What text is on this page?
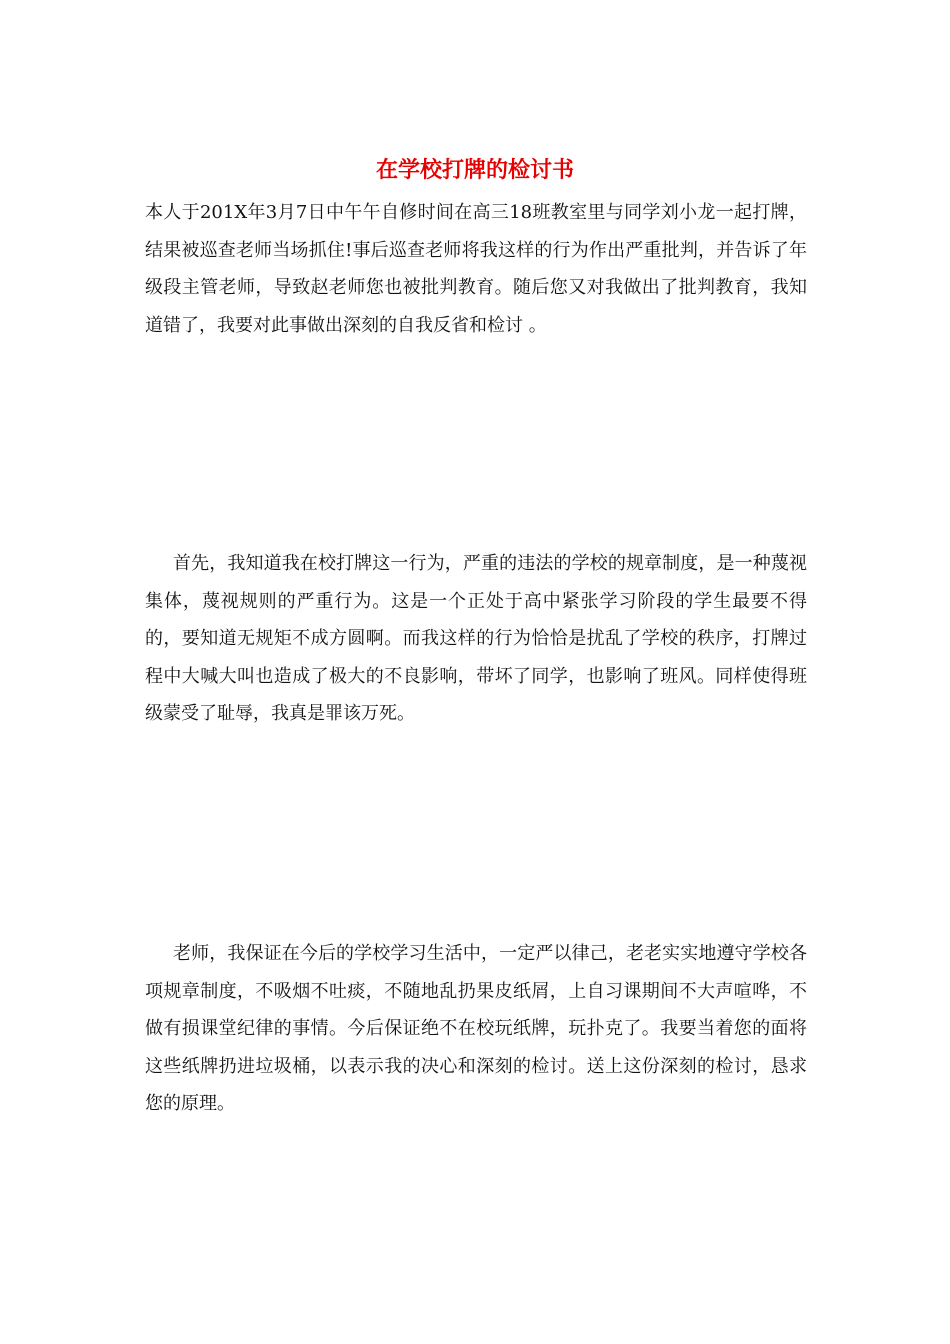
在学校打牌的检讨书

本人于201X年3月7日中午午自修时间在高三18班教室里与同学刘小龙一起打牌，结果被巡查老师当场抓住!事后巡查老师将我这样的行为作出严重批判，并告诉了年级段主管老师，导致赵老师您也被批判教育。随后您又对我做出了批判教育，我知道错了，我要对此事做出深刻的自我反省和检讨 。

首先，我知道我在校打牌这一行为，严重的违法的学校的规章制度，是一种蔑视集体，蔑视规则的严重行为。这是一个正处于高中紧张学习阶段的学生最要不得的，要知道无规矩不成方圆啊。而我这样的行为恰恰是扰乱了学校的秩序，打牌过程中大喊大叫也造成了极大的不良影响，带坏了同学，也影响了班风。同样使得班级蒙受了耻辱，我真是罪该万死。

老师，我保证在今后的学校学习生活中，一定严以律己，老老实实地遵守学校各项规章制度，不吸烟不吐痰，不随地乱扔果皮纸屑，上自习课期间不大声喧哗，不做有损课堂纪律的事情。今后保证绝不在校玩纸牌，玩扑克了。我要当着您的面将这些纸牌扔进垃圾桶，以表示我的决心和深刻的检讨。送上这份深刻的检讨，恳求您的原理。
